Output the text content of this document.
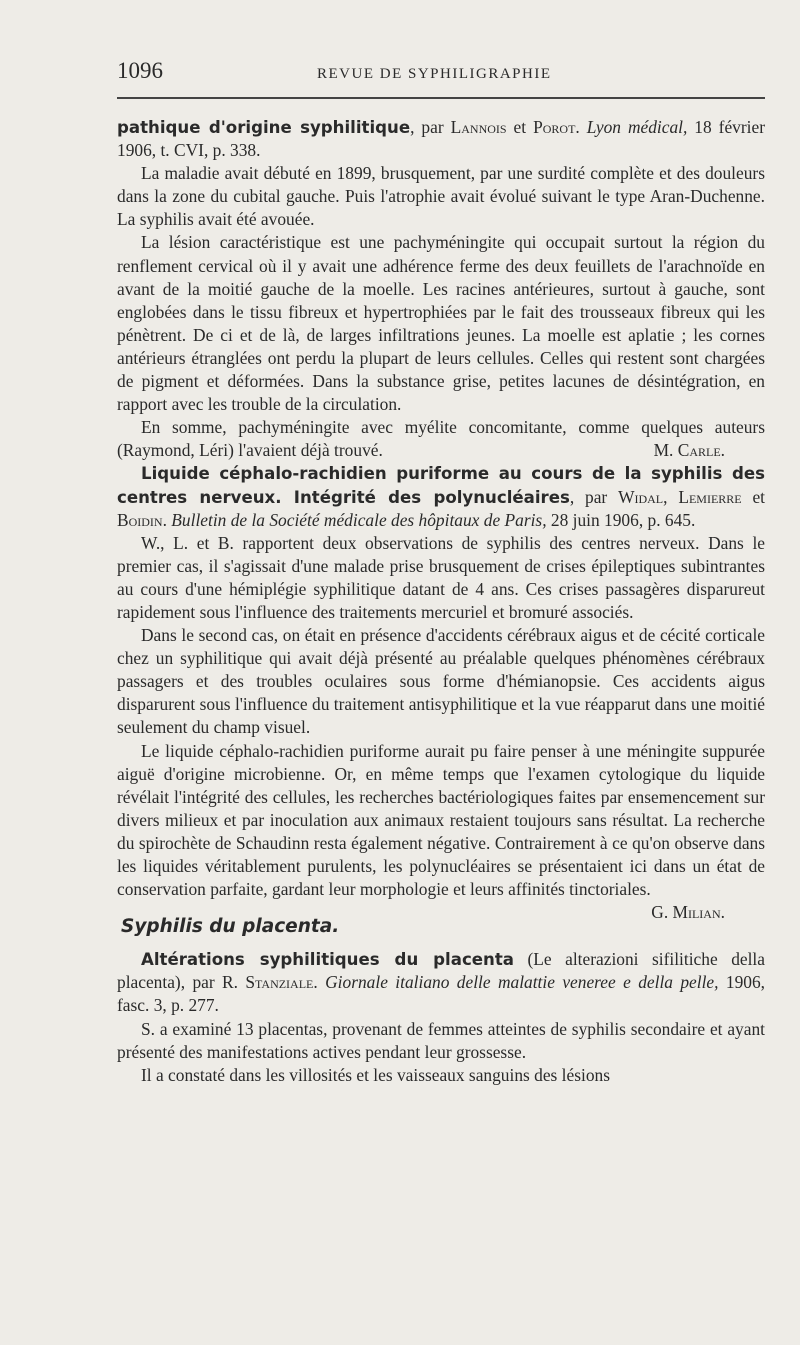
1096	REVUE DE SYPHILIGRAPHIE

pathique d'origine syphilitique, par Lannois et Porot. Lyon médical, 18 février 1906, t. CVI, p. 338.

La maladie avait débuté en 1899, brusquement, par une surdité complète et des douleurs dans la zone du cubital gauche. Puis l'atrophie avait évolué suivant le type Aran-Duchenne. La syphilis avait été avouée.

La lésion caractéristique est une pachyméningite qui occupait surtout la région du renflement cervical où il y avait une adhérence ferme des deux feuillets de l'arachnoïde en avant de la moitié gauche de la moelle. Les racines antérieures, surtout à gauche, sont englobées dans le tissu fibreux et hypertrophiées par le fait des trousseaux fibreux qui les pénètrent. De ci et de là, de larges infiltrations jeunes. La moelle est aplatie ; les cornes antérieurs étranglées ont perdu la plupart de leurs cellules. Celles qui restent sont chargées de pigment et déformées. Dans la substance grise, petites lacunes de désintégration, en rapport avec les trouble de la circulation.

En somme, pachyméningite avec myélite concomitante, comme quelques auteurs (Raymond, Léri) l'avaient déjà trouvé.	M. Carle.

Liquide céphalo-rachidien puriforme au cours de la syphilis des centres nerveux. Intégrité des polynucléaires, par Widal, Lemierre et Boidin. Bulletin de la Société médicale des hôpitaux de Paris, 28 juin 1906, p. 645.

W., L. et B. rapportent deux observations de syphilis des centres nerveux. Dans le premier cas, il s'agissait d'une malade prise brusquement de crises épileptiques subintrantes au cours d'une hémiplégie syphilitique datant de 4 ans. Ces crises passagères disparureut rapidement sous l'influence des traitements mercuriel et bromuré associés.

Dans le second cas, on était en présence d'accidents cérébraux aigus et de cécité corticale chez un syphilitique qui avait déjà présenté au préalable quelques phénomènes cérébraux passagers et des troubles oculaires sous forme d'hémianopsie. Ces accidents aigus disparurent sous l'influence du traitement antisyphilitique et la vue réapparut dans une moitié seulement du champ visuel.

Le liquide céphalo-rachidien puriforme aurait pu faire penser à une méningite suppurée aiguë d'origine microbienne. Or, en même temps que l'examen cytologique du liquide révélait l'intégrité des cellules, les recherches bactériologiques faites par ensemencement sur divers milieux et par inoculation aux animaux restaient toujours sans résultat. La recherche du spirochète de Schaudinn resta également négative. Contrairement à ce qu'on observe dans les liquides véritablement purulents, les polynucléaires se présentaient ici dans un état de conservation parfaite, gardant leur morphologie et leurs affinités tinctoriales.
G. Milian.

Syphilis du placenta.

Altérations syphilitiques du placenta (Le alterazioni sifilitiche della placenta), par R. Stanziale. Giornale italiano delle malattie veneree e della pelle, 1906, fasc. 3, p. 277.

S. a examiné 13 placentas, provenant de femmes atteintes de syphilis secondaire et ayant présenté des manifestations actives pendant leur grossesse.

Il a constaté dans les villosités et les vaisseaux sanguins des lésions
